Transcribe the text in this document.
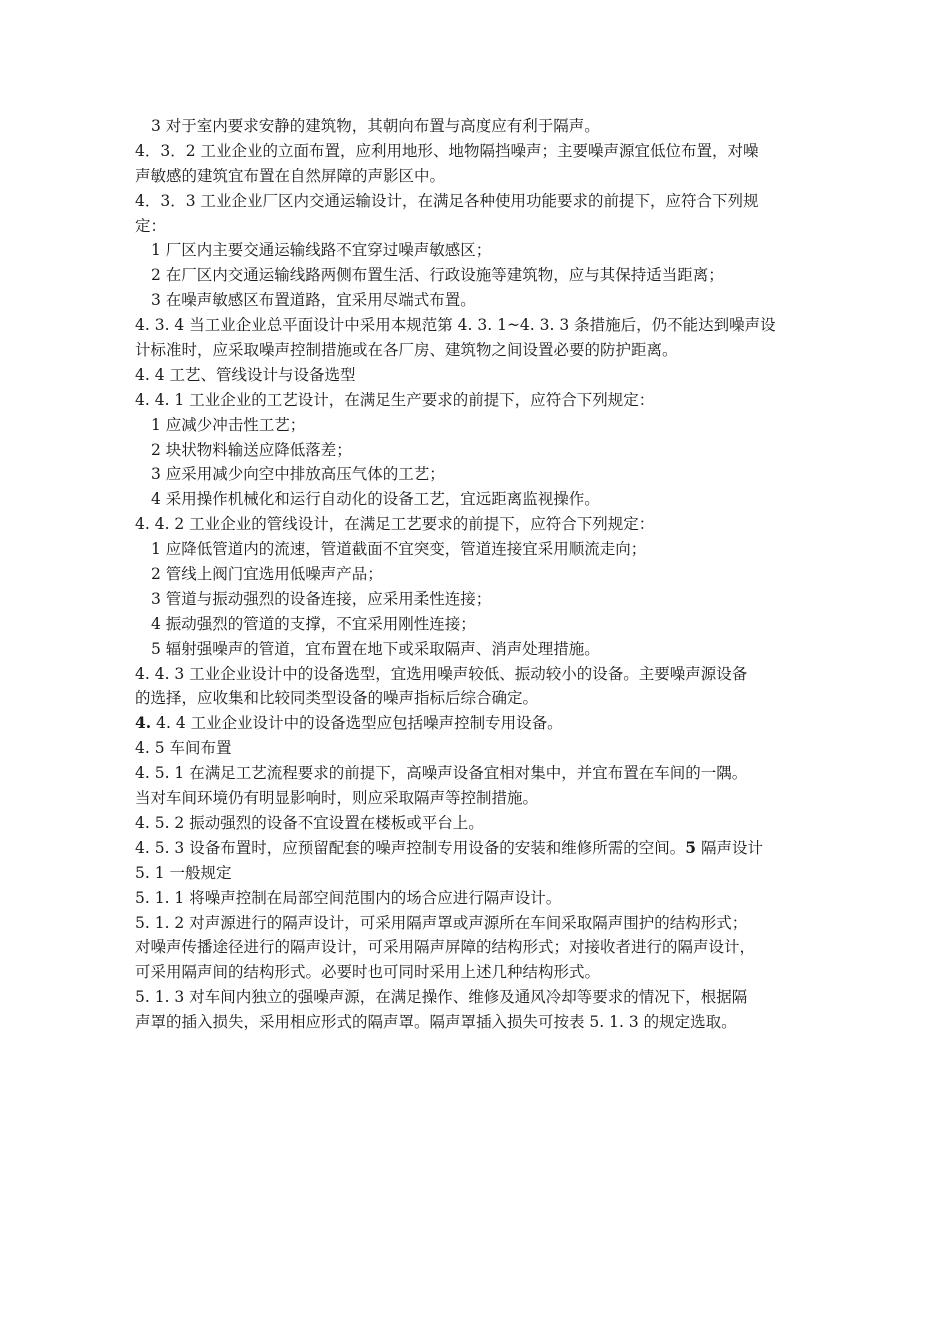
3 对于室内要求安静的建筑物，其朝向布置与高度应有利于隔声。
4．3．2 工业企业的立面布置，应利用地形、地物隔挡噪声；主要噪声源宜低位布置，对噪
声敏感的建筑宜布置在自然屏障的声影区中。
4．3．3 工业企业厂区内交通运输设计，在满足各种使用功能要求的前提下，应符合下列规
定：
1 厂区内主要交通运输线路不宜穿过噪声敏感区；
2 在厂区内交通运输线路两侧布置生活、行政设施等建筑物，应与其保持适当距离；
3 在噪声敏感区布置道路，宜采用尽端式布置。
4. 3. 4 当工业企业总平面设计中采用本规范第 4. 3. 1~4. 3. 3 条措施后，仍不能达到噪声设
计标准时，应采取噪声控制措施或在各厂房、建筑物之间设置必要的防护距离。
4. 4 工艺、管线设计与设备选型
4. 4. 1 工业企业的工艺设计，在满足生产要求的前提下，应符合下列规定：
1 应减少冲击性工艺；
2 块状物料输送应降低落差；
3 应采用减少向空中排放高压气体的工艺；
4 采用操作机械化和运行自动化的设备工艺，宜远距离监视操作。
4. 4. 2 工业企业的管线设计，在满足工艺要求的前提下，应符合下列规定：
1 应降低管道内的流速，管道截面不宜突变，管道连接宜采用顺流走向；
2 管线上阀门宜选用低噪声产品；
3 管道与振动强烈的设备连接，应采用柔性连接；
4 振动强烈的管道的支撑，不宜采用刚性连接；
5 辐射强噪声的管道，宜布置在地下或采取隔声、消声处理措施。
4. 4. 3 工业企业设计中的设备选型，宜选用噪声较低、振动较小的设备。主要噪声源设备
的选择，应收集和比较同类型设备的噪声指标后综合确定。
4. 4. 4 工业企业设计中的设备选型应包括噪声控制专用设备。
4. 5 车间布置
4. 5. 1 在满足工艺流程要求的前提下，高噪声设备宜相对集中，并宜布置在车间的一隅。
当对车间环境仍有明显影响时，则应采取隔声等控制措施。
4. 5. 2 振动强烈的设备不宜设置在楼板或平台上。
4. 5. 3 设备布置时，应预留配套的噪声控制专用设备的安装和维修所需的空间。5 隔声设计
5. 1 一般规定
5. 1. 1 将噪声控制在局部空间范围内的场合应进行隔声设计。
5. 1. 2 对声源进行的隔声设计，可采用隔声罩或声源所在车间采取隔声围护的结构形式；
对噪声传播途径进行的隔声设计，可采用隔声屏障的结构形式；对接收者进行的隔声设计，
可采用隔声间的结构形式。必要时也可同时采用上述几种结构形式。
5. 1. 3 对车间内独立的强噪声源，在满足操作、维修及通风冷却等要求的情况下，根据隔
声罩的插入损失，采用相应形式的隔声罩。隔声罩插入损失可按表 5. 1. 3 的规定选取。
